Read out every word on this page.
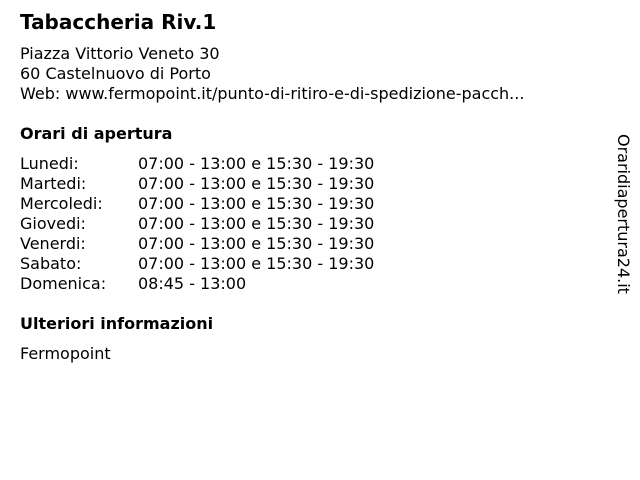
Tabaccheria Riv.1
Piazza Vittorio Veneto 30
60 Castelnuovo di Porto
Web: www.fermopoint.it/punto-di-ritiro-e-di-spedizione-pacch...
Orari di apertura
Lunedi:	07:00 - 13:00 e 15:30 - 19:30
Martedi:	07:00 - 13:00 e 15:30 - 19:30
Mercoledi: 07:00 - 13:00 e 15:30 - 19:30
Giovedi:	07:00 - 13:00 e 15:30 - 19:30
Venerdi:	07:00 - 13:00 e 15:30 - 19:30
Sabato:	07:00 - 13:00 e 15:30 - 19:30
Domenica: 08:45 - 13:00
Ulteriori informazioni
Fermopoint
Oraridiapertura24.it
